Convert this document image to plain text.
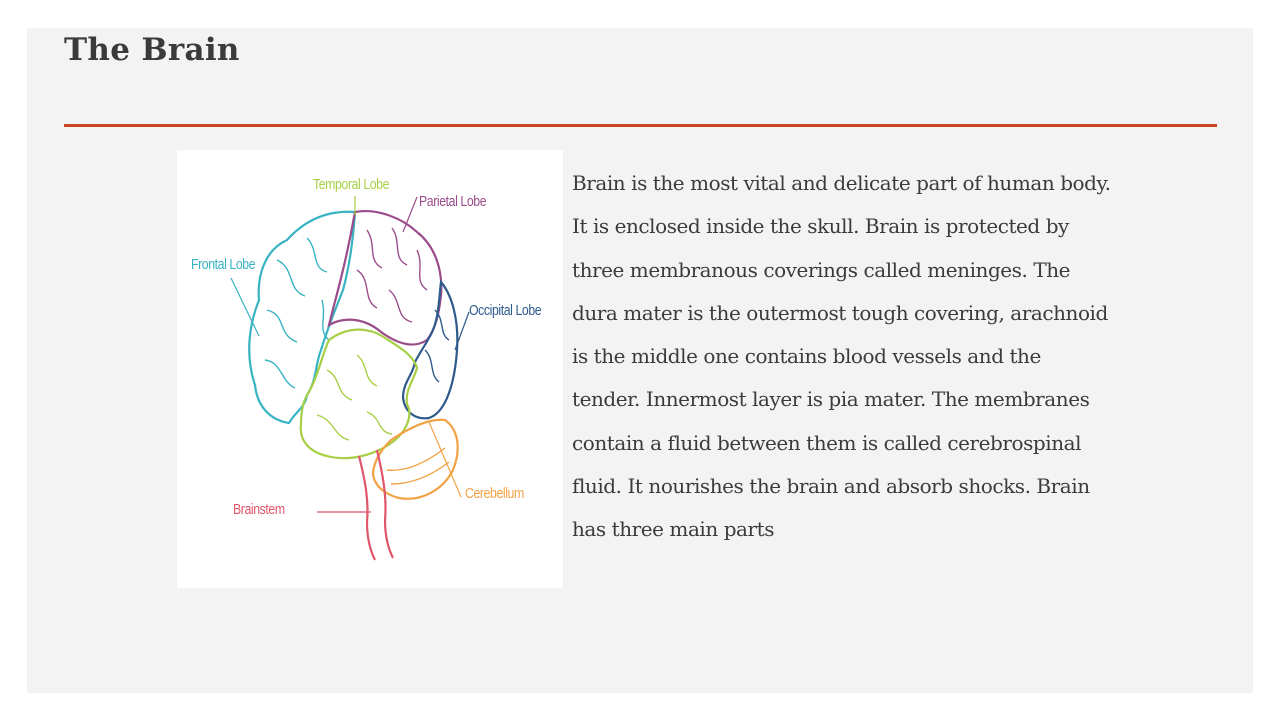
The Brain
Temporal Lobe
Parietal Lobe
Frontal Lobe
Occipital Lobe
Cerebellum
Brainstem

Brain is the most vital and delicate part of human body. It is enclosed inside the skull. Brain is protected by three membranous coverings called meninges. The dura mater is the outermost tough covering, arachnoid is the middle one contains blood vessels and the tender. Innermost layer is pia mater. The membranes contain a fluid between them is called cerebrospinal fluid. It nourishes the brain and absorb shocks. Brain has three main parts
